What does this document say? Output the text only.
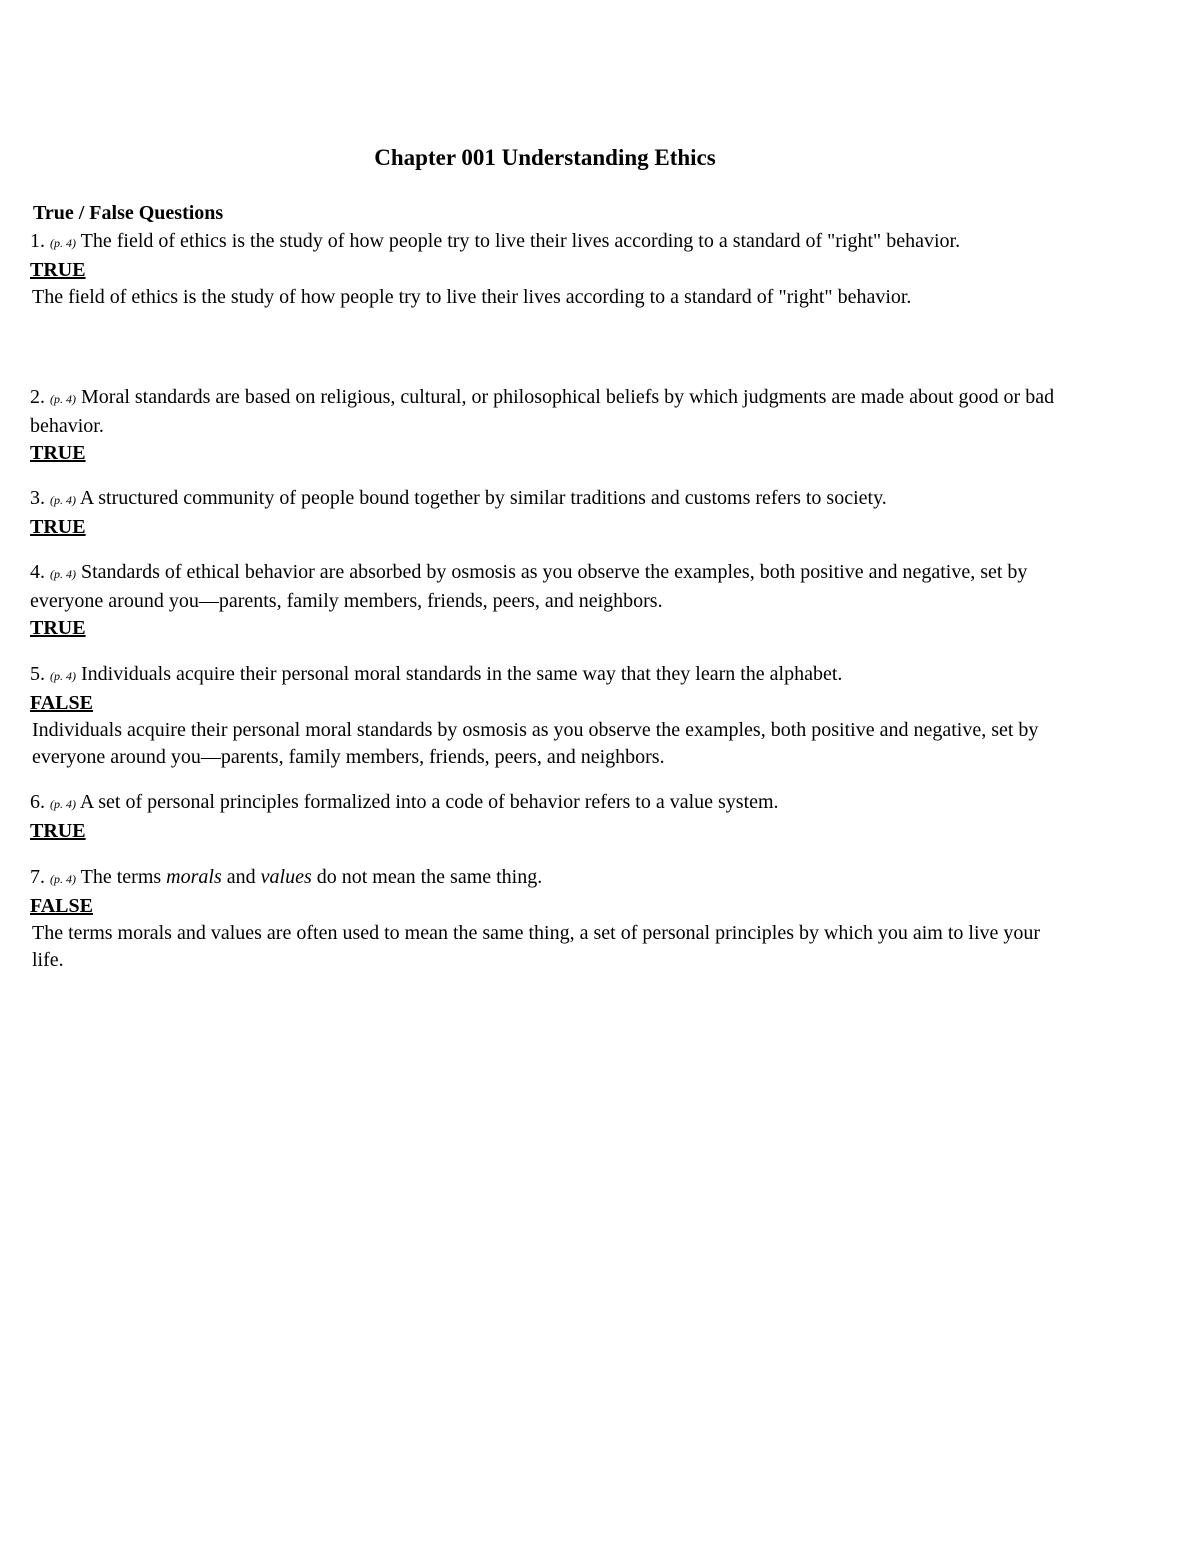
Chapter 001 Understanding Ethics
True / False Questions

1. (p. 4) The field of ethics is the study of how people try to live their lives according to a standard of "right" behavior.

TRUE

The field of ethics is the study of how people try to live their lives according to a standard of "right" behavior.

2. (p. 4) Moral standards are based on religious, cultural, or philosophical beliefs by which judgments are made about good or bad behavior.

TRUE

3. (p. 4) A structured community of people bound together by similar traditions and customs refers to society.

TRUE

4. (p. 4) Standards of ethical behavior are absorbed by osmosis as you observe the examples, both positive and negative, set by everyone around you—parents, family members, friends, peers, and neighbors.

TRUE

5. (p. 4) Individuals acquire their personal moral standards in the same way that they learn the alphabet.

FALSE

Individuals acquire their personal moral standards by osmosis as you observe the examples, both positive and negative, set by everyone around you—parents, family members, friends, peers, and neighbors.

6. (p. 4) A set of personal principles formalized into a code of behavior refers to a value system.

TRUE

7. (p. 4) The terms morals and values do not mean the same thing.

FALSE

The terms morals and values are often used to mean the same thing, a set of personal principles by which you aim to live your life.
